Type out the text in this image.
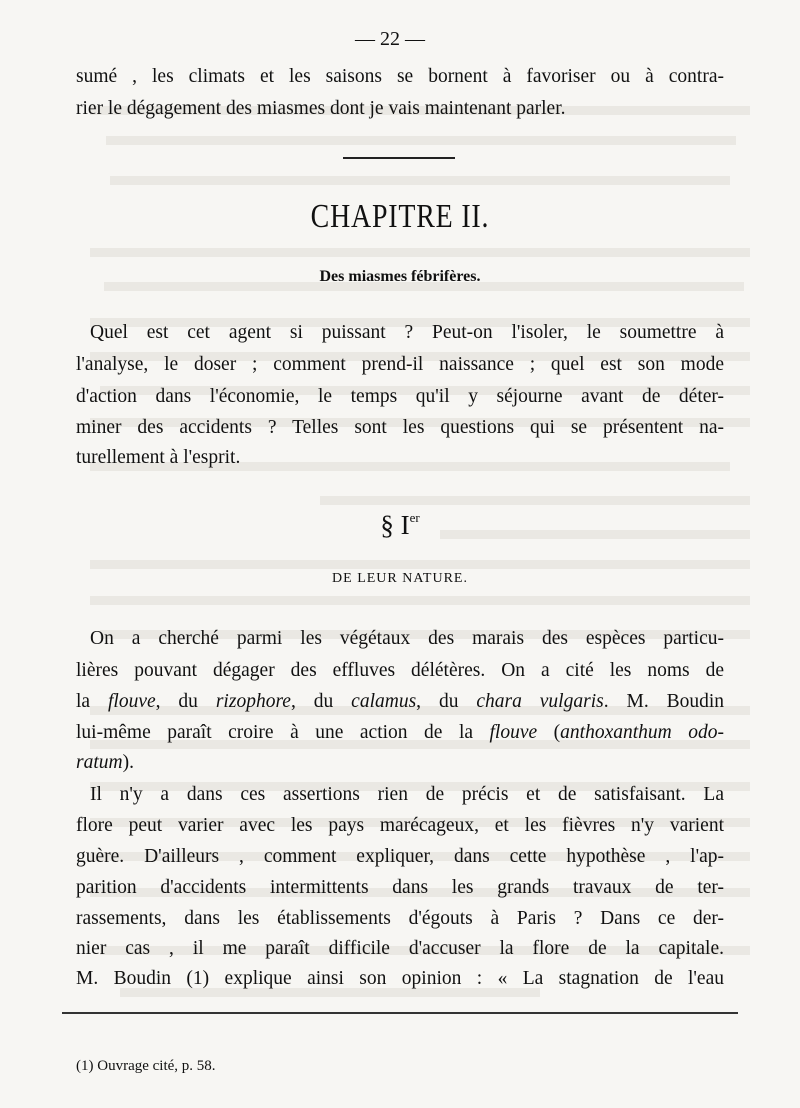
— 22 —
sumé , les climats et les saisons se bornent à favoriser ou à contra-
rier le dégagement des miasmes dont je vais maintenant parler.
CHAPITRE II.
Des miasmes fébrifères.
Quel est cet agent si puissant ? Peut-on l'isoler, le soumettre à
l'analyse, le doser ; comment prend-il naissance ; quel est son mode
d'action dans l'économie, le temps qu'il y séjourne avant de déter-
miner des accidents ? Telles sont les questions qui se présentent na-
turellement à l'esprit.
§ Ier
DE LEUR NATURE.
On a cherché parmi les végétaux des marais des espèces particu-
lières pouvant dégager des effluves délétères. On a cité les noms de
la flouve, du rizophore, du calamus, du chara vulgaris. M. Boudin
lui-même paraît croire à une action de la flouve (anthoxanthum odo-
ratum).
Il n'y a dans ces assertions rien de précis et de satisfaisant. La
flore peut varier avec les pays marécageux, et les fièvres n'y varient
guère. D'ailleurs , comment expliquer, dans cette hypothèse , l'ap-
parition d'accidents intermittents dans les grands travaux de ter-
rassements, dans les établissements d'égouts à Paris ? Dans ce der-
nier cas , il me paraît difficile d'accuser la flore de la capitale.
M. Boudin (1) explique ainsi son opinion : « La stagnation de l'eau
(1) Ouvrage cité, p. 58.
